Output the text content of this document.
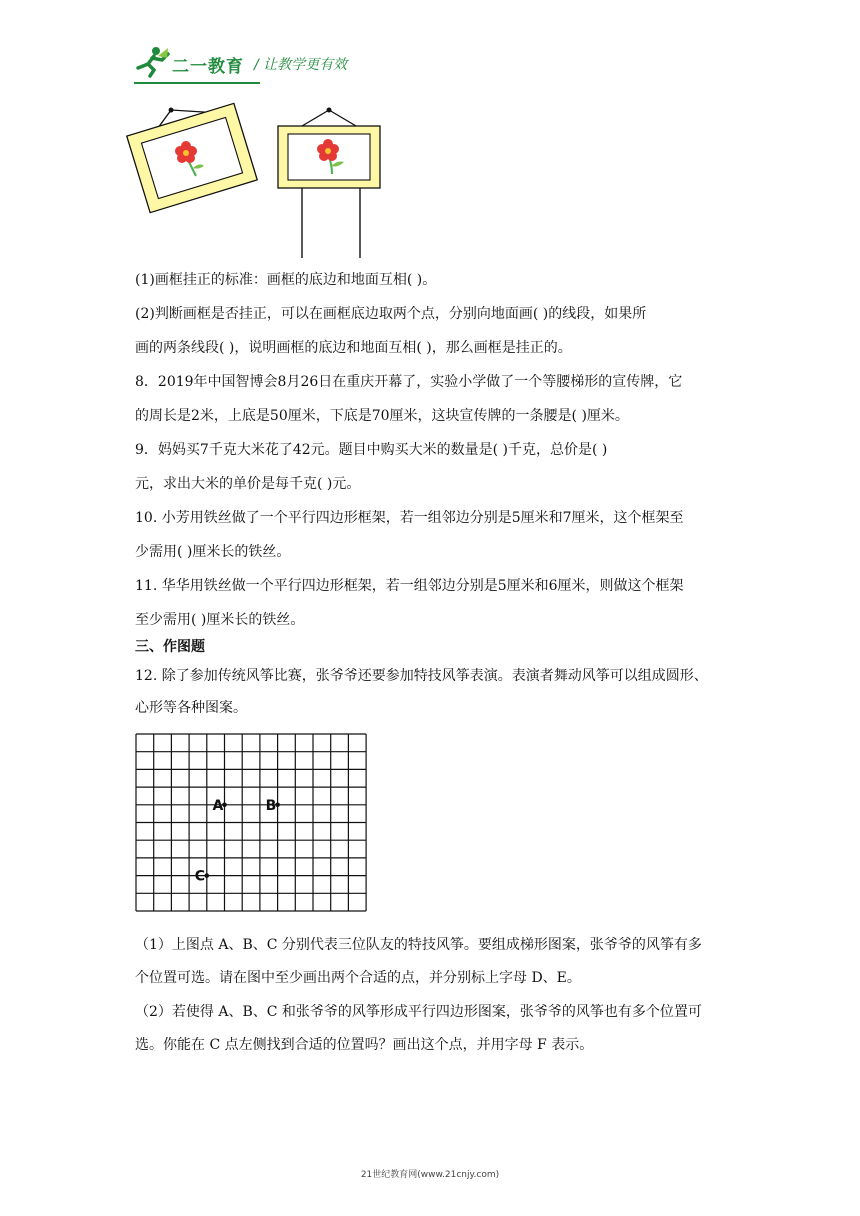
二一教育 / 让教学更有效
(1)画框挂正的标准：画框的底边和地面互相( )。
(2)判断画框是否挂正，可以在画框底边取两个点，分别向地面画( )的线段，如果所
画的两条线段( )，说明画框的底边和地面互相( )，那么画框是挂正的。
8．2019年中国智博会8月26日在重庆开幕了，实验小学做了一个等腰梯形的宣传牌，它
的周长是2米，上底是50厘米，下底是70厘米，这块宣传牌的一条腰是( )厘米。
9．妈妈买7千克大米花了42元。题目中购买大米的数量是( )千克，总价是( )
元，求出大米的单价是每千克( )元。
10. 小芳用铁丝做了一个平行四边形框架，若一组邻边分别是5厘米和7厘米，这个框架至
少需用( )厘米长的铁丝。
11. 华华用铁丝做一个平行四边形框架，若一组邻边分别是5厘米和6厘米，则做这个框架
至少需用( )厘米长的铁丝。
三、作图题
12. 除了参加传统风筝比赛，张爷爷还要参加特技风筝表演。表演者舞动风筝可以组成圆形、
心形等各种图案。
A	B
C
（1）上图点 A、B、C 分别代表三位队友的特技风筝。要组成梯形图案，张爷爷的风筝有多
个位置可选。请在图中至少画出两个合适的点，并分别标上字母 D、E。
（2）若使得 A、B、C 和张爷爷的风筝形成平行四边形图案，张爷爷的风筝也有多个位置可
选。你能在 C 点左侧找到合适的位置吗？画出这个点，并用字母 F 表示。
21世纪教育网(www.21cnjy.com)
